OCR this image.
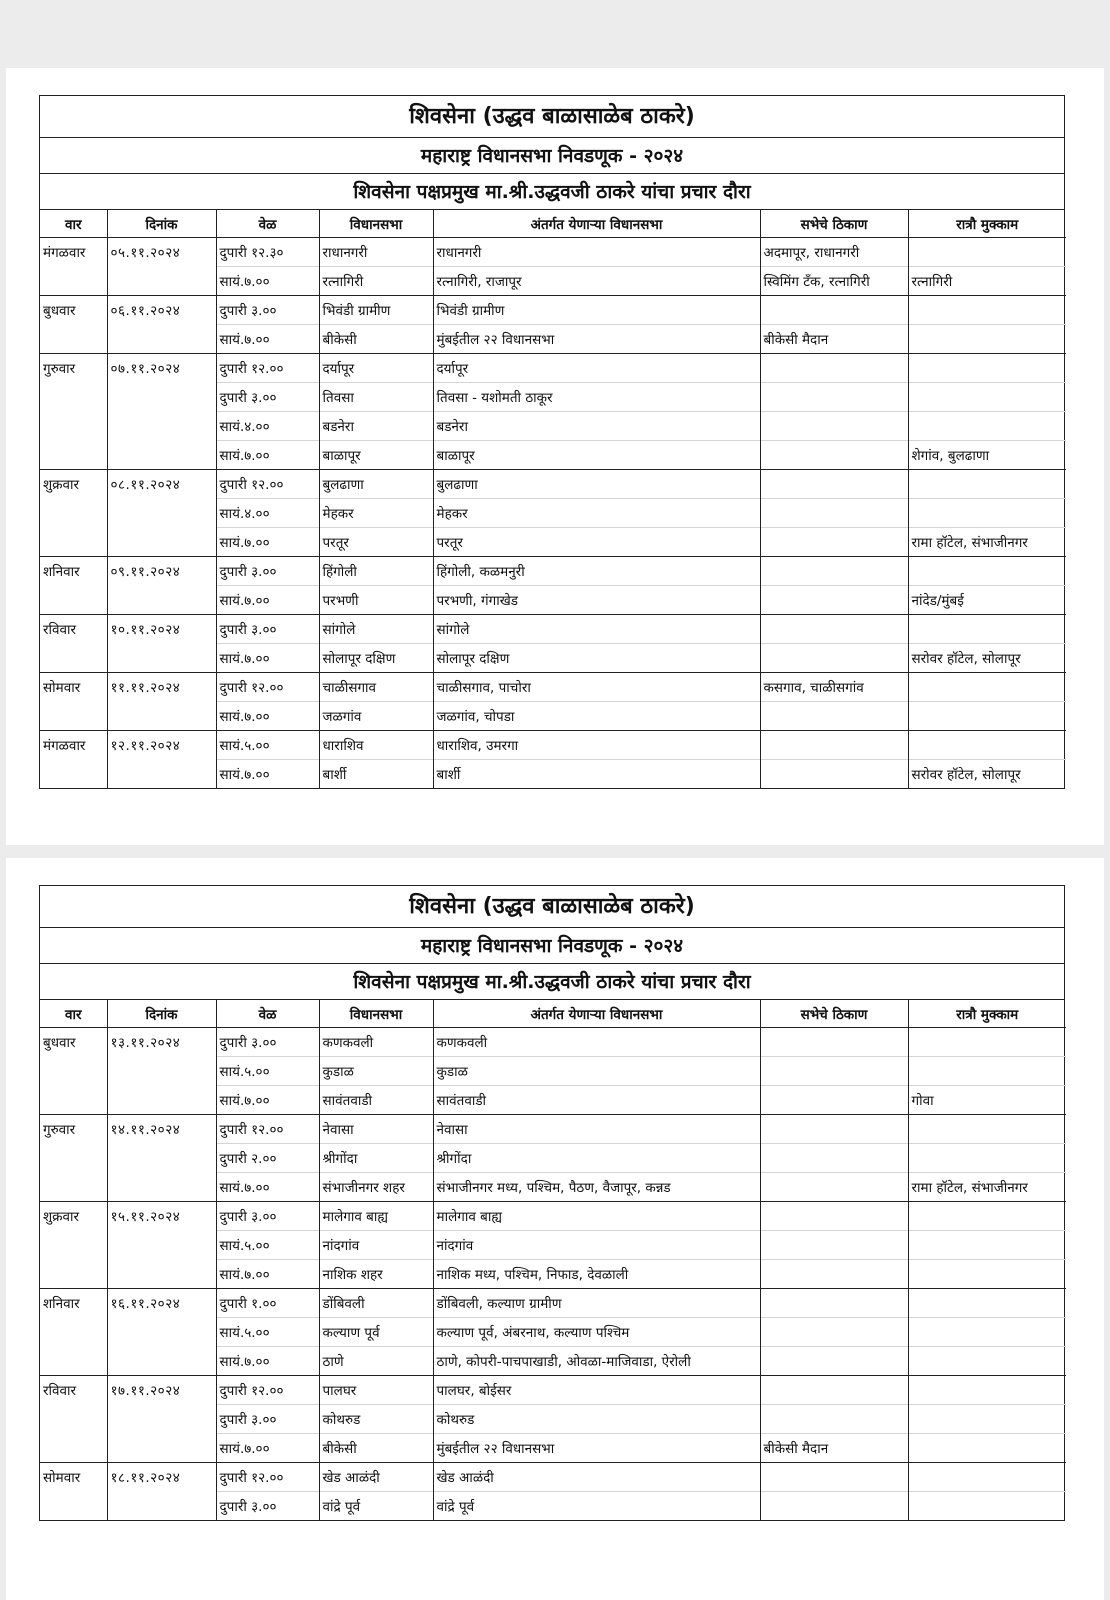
शिवसेना (उद्धव बाळासाळेब ठाकरे)
महाराष्ट्र विधानसभा निवडणूक - २०२४
शिवसेना पक्षप्रमुख मा.श्री.उद्धवजी ठाकरे यांचा प्रचार दौरा
वार	दिनांक	वेळ	विधानसभा	अंतर्गत येणाऱ्या विधानसभा	सभेचे ठिकाण	रात्रौ मुक्काम
मंगळवार	०५.११.२०२४	दुपारी १२.३०	राधानगरी	राधानगरी	अदमापूर, राधानगरी	
		सायं.७.००	रत्नागिरी	रत्नागिरी, राजापूर	स्विमिंग टँक, रत्नागिरी	रत्नागिरी
बुधवार	०६.११.२०२४	दुपारी ३.००	भिवंडी ग्रामीण	भिवंडी ग्रामीण		
		सायं.७.००	बीकेसी	मुंबईतील २२ विधानसभा	बीकेसी मैदान	
गुरुवार	०७.११.२०२४	दुपारी १२.००	दर्यापूर	दर्यापूर		
		दुपारी ३.००	तिवसा	तिवसा - यशोमती ठाकूर		
		सायं.४.००	बडनेरा	बडनेरा		
		सायं.७.००	बाळापूर	बाळापूर		शेगांव, बुलढाणा
शुक्रवार	०८.११.२०२४	दुपारी १२.००	बुलढाणा	बुलढाणा		
		सायं.४.००	मेहकर	मेहकर		
		सायं.७.००	परतूर	परतूर		रामा हॉटेल, संभाजीनगर
शनिवार	०९.११.२०२४	दुपारी ३.००	हिंगोली	हिंगोली, कळमनुरी		
		सायं.७.००	परभणी	परभणी, गंगाखेड		नांदेड/मुंबई
रविवार	१०.११.२०२४	दुपारी ३.००	सांगोले	सांगोले		
		सायं.७.००	सोलापूर दक्षिण	सोलापूर दक्षिण		सरोवर हॉटेल, सोलापूर
सोमवार	११.११.२०२४	दुपारी १२.००	चाळीसगाव	चाळीसगाव, पाचोरा	कसगाव, चाळीसगांव	
		सायं.७.००	जळगांव	जळगांव, चोपडा		
मंगळवार	१२.११.२०२४	सायं.५.००	धाराशिव	धाराशिव, उमरगा		
		सायं.७.००	बार्शी	बार्शी		सरोवर हॉटेल, सोलापूर
शिवसेना (उद्धव बाळासाळेब ठाकरे)
महाराष्ट्र विधानसभा निवडणूक - २०२४
शिवसेना पक्षप्रमुख मा.श्री.उद्धवजी ठाकरे यांचा प्रचार दौरा
वार	दिनांक	वेळ	विधानसभा	अंतर्गत येणाऱ्या विधानसभा	सभेचे ठिकाण	रात्रौ मुक्काम
बुधवार	१३.११.२०२४	दुपारी ३.००	कणकवली	कणकवली		
		सायं.५.००	कुडाळ	कुडाळ		
		सायं.७.००	सावंतवाडी	सावंतवाडी		गोवा
गुरुवार	१४.११.२०२४	दुपारी १२.००	नेवासा	नेवासा		
		दुपारी २.००	श्रीगोंदा	श्रीगोंदा		
		सायं.७.००	संभाजीनगर शहर	संभाजीनगर मध्य, पश्चिम, पैठण, वैजापूर, कन्नड		रामा हॉटेल, संभाजीनगर
शुक्रवार	१५.११.२०२४	दुपारी ३.००	मालेगाव बाह्य	मालेगाव बाह्य		
		सायं.५.००	नांदगांव	नांदगांव		
		सायं.७.००	नाशिक शहर	नाशिक मध्य, पश्चिम, निफाड, देवळाली		
शनिवार	१६.११.२०२४	दुपारी १.००	डोंबिवली	डोंबिवली, कल्याण ग्रामीण		
		सायं.५.००	कल्याण पूर्व	कल्याण पूर्व, अंबरनाथ, कल्याण पश्चिम		
		सायं.७.००	ठाणे	ठाणे, कोपरी-पाचपाखाडी, ओवळा-माजिवाडा, ऐरोली		
रविवार	१७.११.२०२४	दुपारी १२.००	पालघर	पालघर, बोईसर		
		दुपारी ३.००	कोथरुड	कोथरुड		
		सायं.७.००	बीकेसी	मुंबईतील २२ विधानसभा	बीकेसी मैदान	
सोमवार	१८.११.२०२४	दुपारी १२.००	खेड आळंदी	खेड आळंदी		
		दुपारी ३.००	वांद्रे पूर्व	वांद्रे पूर्व		
